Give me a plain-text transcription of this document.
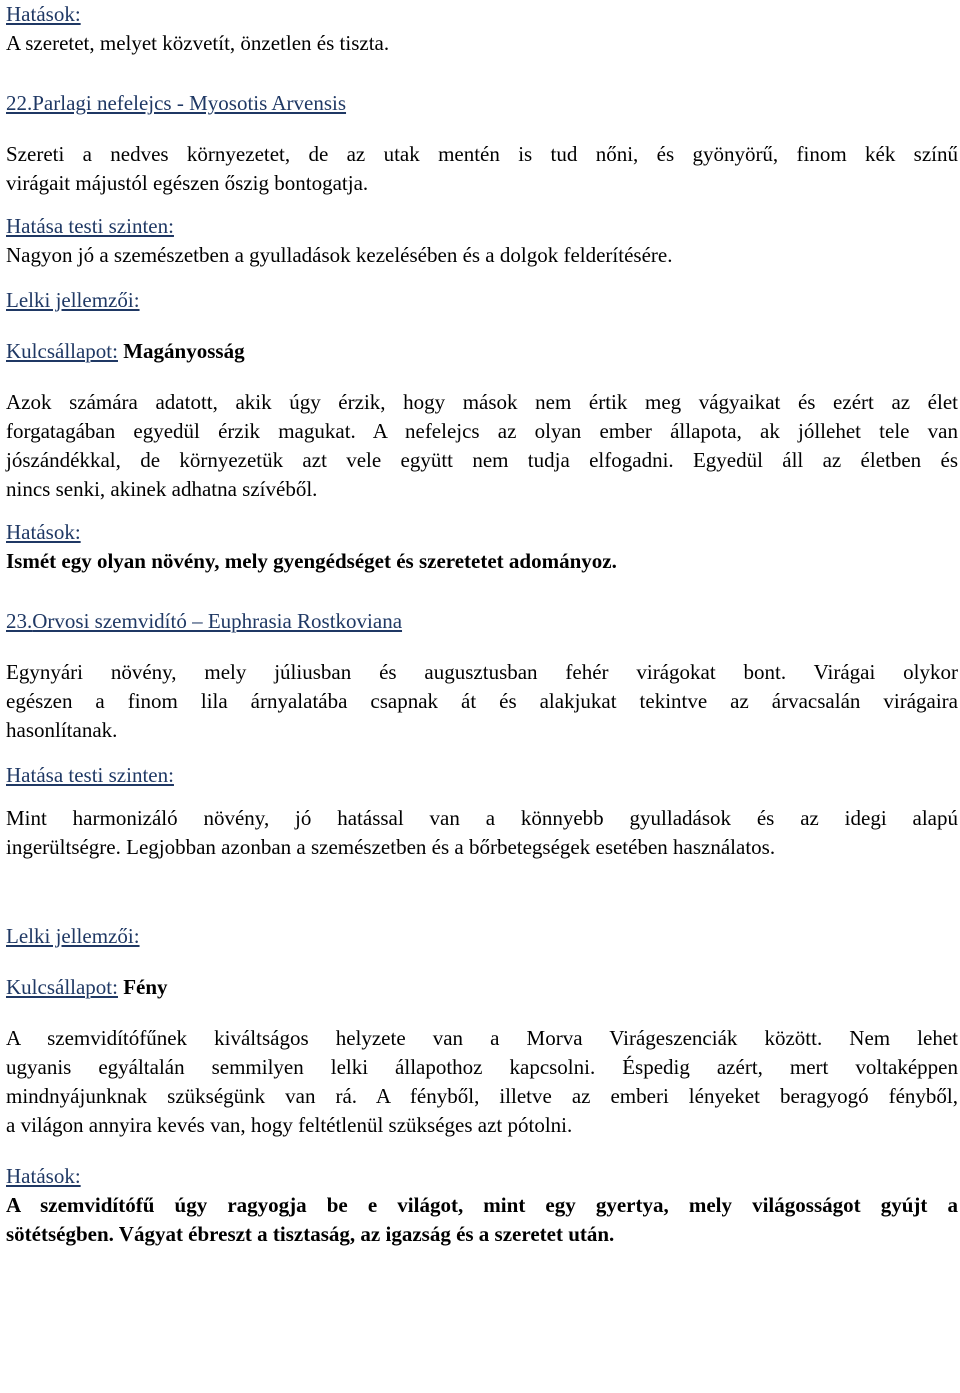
Hatások:
A szeretet, melyet közvetít, önzetlen és tiszta.
22.Parlagi nefelejcs - Myosotis Arvensis
Szereti a nedves környezetet, de az utak mentén is tud nőni, és gyönyörű, finom kék színű
virágait májustól egészen őszig bontogatja.
Hatása testi szinten:
Nagyon jó a szemészetben a gyulladások kezelésében és a dolgok felderítésére.
Lelki jellemzői:
Kulcsállapot: Magányosság
Azok számára adatott, akik úgy érzik, hogy mások nem értik meg vágyaikat és ezért az élet
forgatagában egyedül érzik magukat. A nefelejcs az olyan ember állapota, ak jóllehet tele van
jószándékkal, de környezetük azt vele együtt nem tudja elfogadni. Egyedül áll az életben és
nincs senki, akinek adhatna szívéből.
Hatások:
Ismét egy olyan növény, mely gyengédséget és szeretetet adományoz.
23.Orvosi szemvidító – Euphrasia Rostkoviana
Egynyári növény, mely júliusban és augusztusban fehér virágokat bont. Virágai olykor
egészen a finom lila árnyalatába csapnak át és alakjukat tekintve az árvacsalán virágaira
hasonlítanak.
Hatása testi szinten:
Mint harmonizáló növény, jó hatással van a könnyebb gyulladások és az idegi alapú
ingerültségre. Legjobban azonban a szemészetben és a bőrbetegségek esetében használatos.
Lelki jellemzői:
Kulcsállapot: Fény
A szemvidítófűnek kiváltságos helyzete van a Morva Virágeszenciák között. Nem lehet
ugyanis egyáltalán semmilyen lelki állapothoz kapcsolni. Éspedig azért, mert voltaképpen
mindnyájunknak szükségünk van rá. A fényből, illetve az emberi lényeket beragyogó fényből,
a világon annyira kevés van, hogy feltétlenül szükséges azt pótolni.
Hatások:
A szemvidítófű úgy ragyogja be e világot, mint egy gyertya, mely világosságot gyújt a
sötétségben. Vágyat ébreszt a tisztaság, az igazság és a szeretet után.
